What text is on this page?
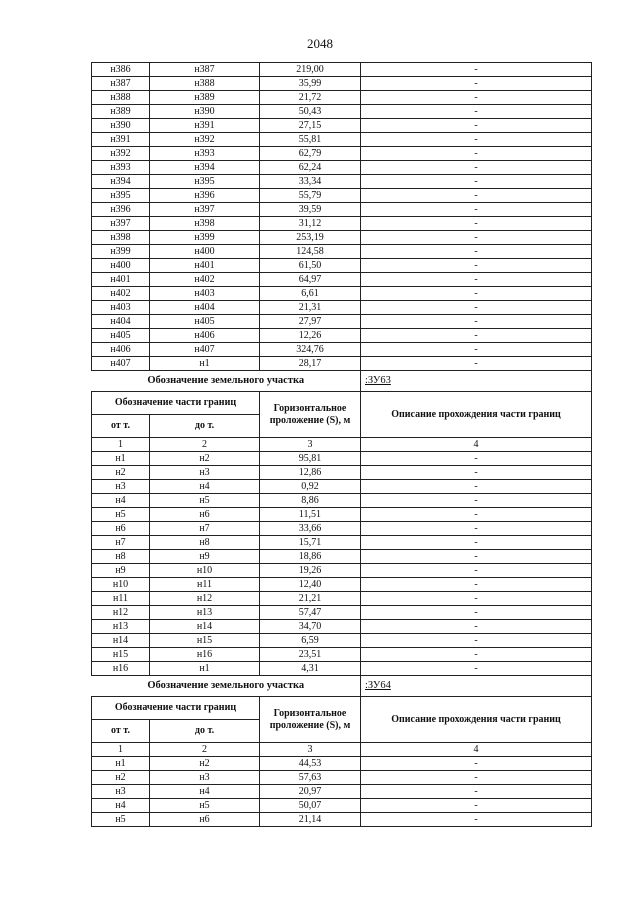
2048
н386	н387	219,00	-
н387	н388	35,99	-
н388	н389	21,72	-
н389	н390	50,43	-
н390	н391	27,15	-
н391	н392	55,81	-
н392	н393	62,79	-
н393	н394	62,24	-
н394	н395	33,34	-
н395	н396	55,79	-
н396	н397	39,59	-
н397	н398	31,12	-
н398	н399	253,19	-
н399	н400	124,58	-
н400	н401	61,50	-
н401	н402	64,97	-
н402	н403	6,61	-
н403	н404	21,31	-
н404	н405	27,97	-
н405	н406	12,26	-
н406	н407	324,76	-
н407	н1	28,17	-
Обозначение земельного участка			:ЗУ63
Обозначение части границ		Горизонтальное проложение (S), м	Описание прохождения части границ
от т.	до т.		
1	2	3	4
н1	н2	95,81	-
н2	н3	12,86	-
н3	н4	0,92	-
н4	н5	8,86	-
н5	н6	11,51	-
н6	н7	33,66	-
н7	н8	15,71	-
н8	н9	18,86	-
н9	н10	19,26	-
н10	н11	12,40	-
н11	н12	21,21	-
н12	н13	57,47	-
н13	н14	34,70	-
н14	н15	6,59	-
н15	н16	23,51	-
н16	н1	4,31	-
Обозначение земельного участка			:ЗУ64
Обозначение части границ		Горизонтальное проложение (S), м	Описание прохождения части границ
от т.	до т.		
1	2	3	4
н1	н2	44,53	-
н2	н3	57,63	-
н3	н4	20,97	-
н4	н5	50,07	-
н5	н6	21,14	-
